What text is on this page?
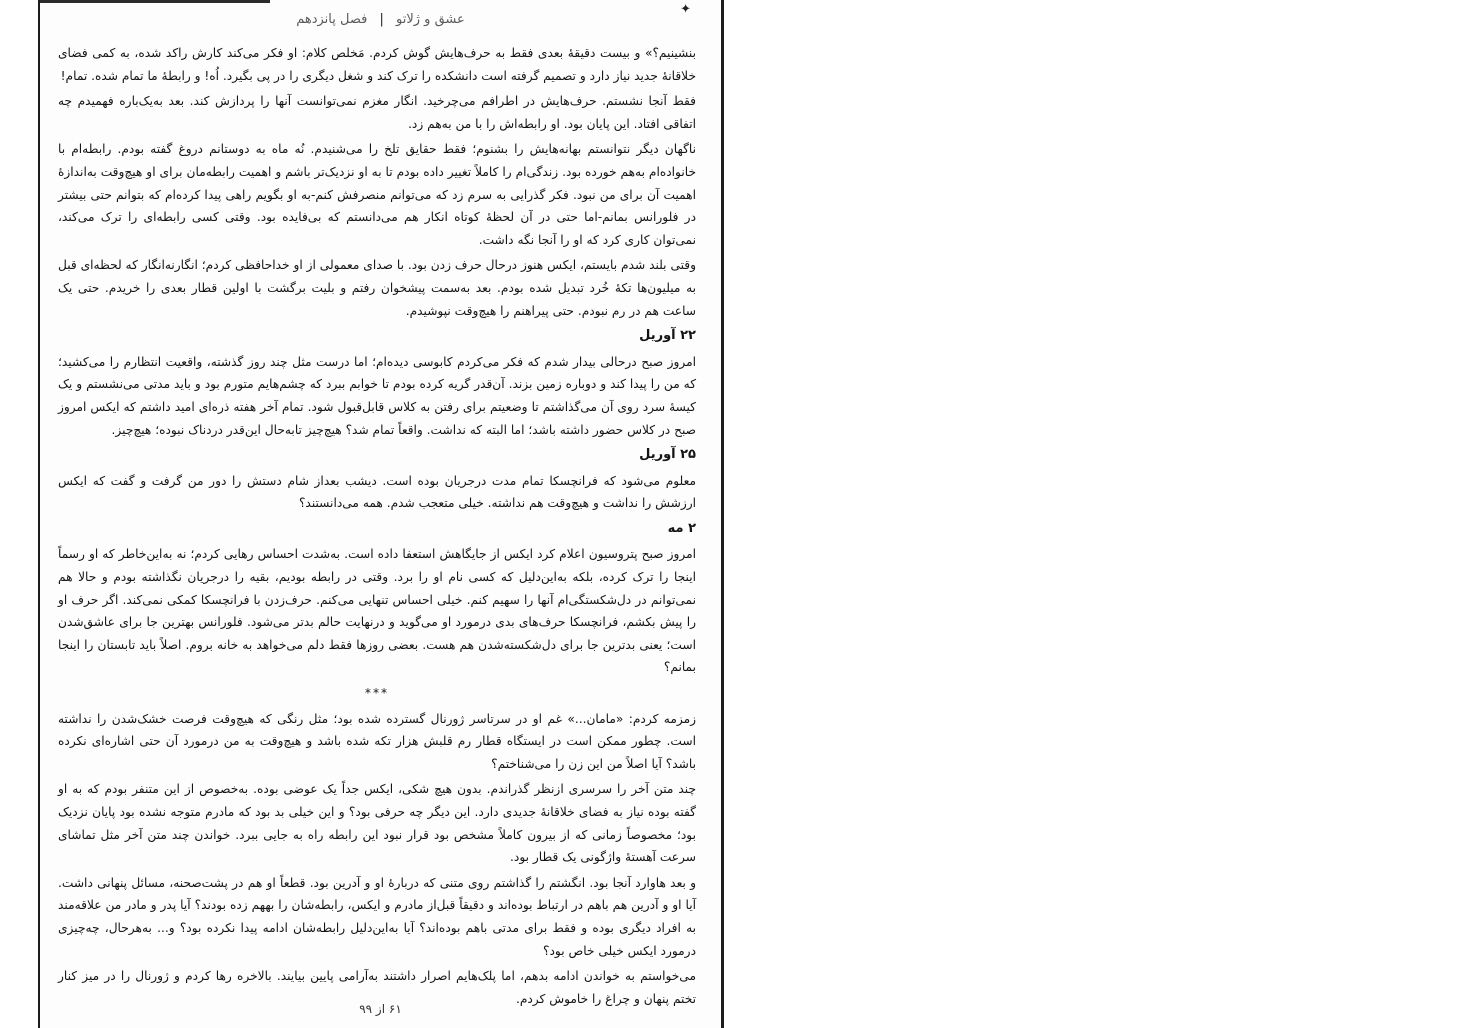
✦
عشق و ژلاتو | فصل پانزدهم
بنشینیم؟» و بیست دقیقهٔ بعدی فقط به حرف‌هایش گوش کردم. مَخلص کلام: او فکر می‌کند کارش راکد شده، به کمی فضای خلاقانهٔ جدید نیاز دارد و تصمیم گرفته است دانشکده را ترک کند و شغل دیگری را در پی بگیرد. اُه! و رابطهٔ ما تمام شده. تمام!
فقط آنجا نشستم. حرف‌هایش در اطرافم می‌چرخید. انگار مغزم نمی‌توانست آنها را پردازش کند. بعد به‌یک‌باره فهمیدم چه اتفاقی افتاد. این پایان بود. او رابطه‌اش را با من به‌هم زد.
ناگهان دیگر نتوانستم بهانه‌هایش را بشنوم؛ فقط حقایق تلخ را می‌شنیدم. نُه ماه به دوستانم دروغ گفته بودم. رابطه‌ام با خانواده‌ام به‌هم خورده بود. زندگی‌ام را کاملاً تغییر داده بودم تا به او نزدیک‌تر باشم و اهمیت رابطه‌مان برای او هیچ‌وقت به‌اندازهٔ اهمیت آن برای من نبود. فکر گذرایی به سرم زد که می‌توانم منصرفش کنم-به او بگویم راهی پیدا کرده‌ام که بتوانم حتی بیشتر در فلورانس بمانم-اما حتی در آن لحظهٔ کوتاه انکار هم می‌دانستم که بی‌فایده بود. وقتی کسی رابطه‌ای را ترک می‌کند، نمی‌توان کاری کرد که او را آنجا نگه داشت.
وقتی بلند شدم بایستم، ایکس هنوز درحال حرف زدن بود. با صدای معمولی از او خداحافظی کردم؛ انگارنه‌انگار که لحظه‌ای قبل به میلیون‌ها تکهٔ خُرد تبدیل شده بودم. بعد به‌سمت پیشخوان رفتم و بلیت برگشت با اولین قطار بعدی را خریدم. حتی یک ساعت هم در رم نبودم. حتی پیراهنم را هیچ‌وقت نپوشیدم.
۲۲ آوریل
امروز صبح درحالی بیدار شدم که فکر می‌کردم کابوسی دیده‌ام؛ اما درست مثل چند روز گذشته، واقعیت انتظارم را می‌کشید؛ که من را پیدا کند و دوباره زمین بزند. آن‌قدر گریه کرده بودم تا خوابم ببرد که چشم‌هایم متورم بود و باید مدتی می‌نشستم و یک کیسهٔ سرد روی آن می‌گذاشتم تا وضعیتم برای رفتن به کلاس قابل‌قبول شود. تمام آخر هفته ذره‌ای امید داشتم که ایکس امروز صبح در کلاس حضور داشته باشد؛ اما البته که نداشت. واقعاً تمام شد؟ هیچ‌چیز تابه‌حال این‌قدر دردناک نبوده؛ هیچ‌چیز.
۲۵ آوریل
معلوم می‌شود که فرانچسکا تمام مدت درجریان بوده است. دیشب بعداز شام دستش را دور من گرفت و گفت که ایکس ارزشش را نداشت و هیچ‌وقت هم نداشته. خیلی متعجب شدم. همه می‌دانستند؟
۲ مه
امروز صبح پتروسیون اعلام کرد ایکس از جایگاهش استعفا داده است. به‌شدت احساس رهایی کردم؛ نه به‌این‌خاطر که او رسماً اینجا را ترک کرده، بلکه به‌این‌دلیل که کسی نام او را برد. وقتی در رابطه بودیم، بقیه را درجریان نگذاشته بودم و حالا هم نمی‌توانم در دل‌شکستگی‌ام آنها را سهیم کنم. خیلی احساس تنهایی می‌کنم. حرف‌زدن با فرانچسکا کمکی نمی‌کند. اگر حرف او را پیش بکشم، فرانچسکا حرف‌های بدی درمورد او می‌گوید و درنهایت حالم بدتر می‌شود. فلورانس بهترین جا برای عاشق‌شدن است؛ یعنی بدترین جا برای دل‌شکسته‌شدن هم هست. بعضی روزها فقط دلم می‌خواهد به خانه بروم. اصلاً باید تابستان را اینجا بمانم؟
***
زمزمه کردم: «مامان...» غم او در سرتاسر ژورنال گسترده شده بود؛ مثل رنگی که هیچ‌وقت فرصت خشک‌شدن را نداشته است. چطور ممکن است در ایستگاه قطار رم قلبش هزار تکه شده باشد و هیچ‌وقت به من درمورد آن حتی اشاره‌ای نکرده باشد؟ آیا اصلاً من این زن را می‌شناختم؟
چند متن آخر را سرسری ازنظر گذراندم. بدون هیچ شکی، ایکس جداً یک عوضی بوده. به‌خصوص از این متنفر بودم که به او گفته بوده نیاز به فضای خلاقانهٔ جدیدی دارد. این دیگر چه حرفی بود؟ و این خیلی بد بود که مادرم متوجه نشده بود پایان نزدیک بود؛ مخصوصاً زمانی که از بیرون کاملاً مشخص بود قرار نبود این رابطه راه به جایی ببرد. خواندن چند متن آخر مثل تماشای سرعت آهستهٔ واژگونی یک قطار بود.
و بعد هاوارد آنجا بود. انگشتم را گذاشتم روی متنی که دربارهٔ او و آدرین بود. قطعاً او هم در پشت‌صحنه، مسائل پنهانی داشت. آیا او و آدرین هم باهم در ارتباط بوده‌اند و دقیقاً قبل‌از مادرم و ایکس، رابطه‌شان را بههم زده بودند؟ آیا پدر و مادر من علاقه‌مند به افراد دیگری بوده و فقط برای مدتی باهم بوده‌اند؟ آیا به‌این‌دلیل رابطه‌شان ادامه پیدا نکرده بود؟ و... به‌هرحال، چه‌چیزی درمورد ایکس خیلی خاص بود؟
می‌خواستم به خواندن ادامه بدهم، اما پلک‌هایم اصرار داشتند به‌آرامی پایین بیایند. بالاخره رها کردم و ژورنال را در میز کنار تختم پنهان و چراغ را خاموش کردم.
۶۱ از ۹۹
